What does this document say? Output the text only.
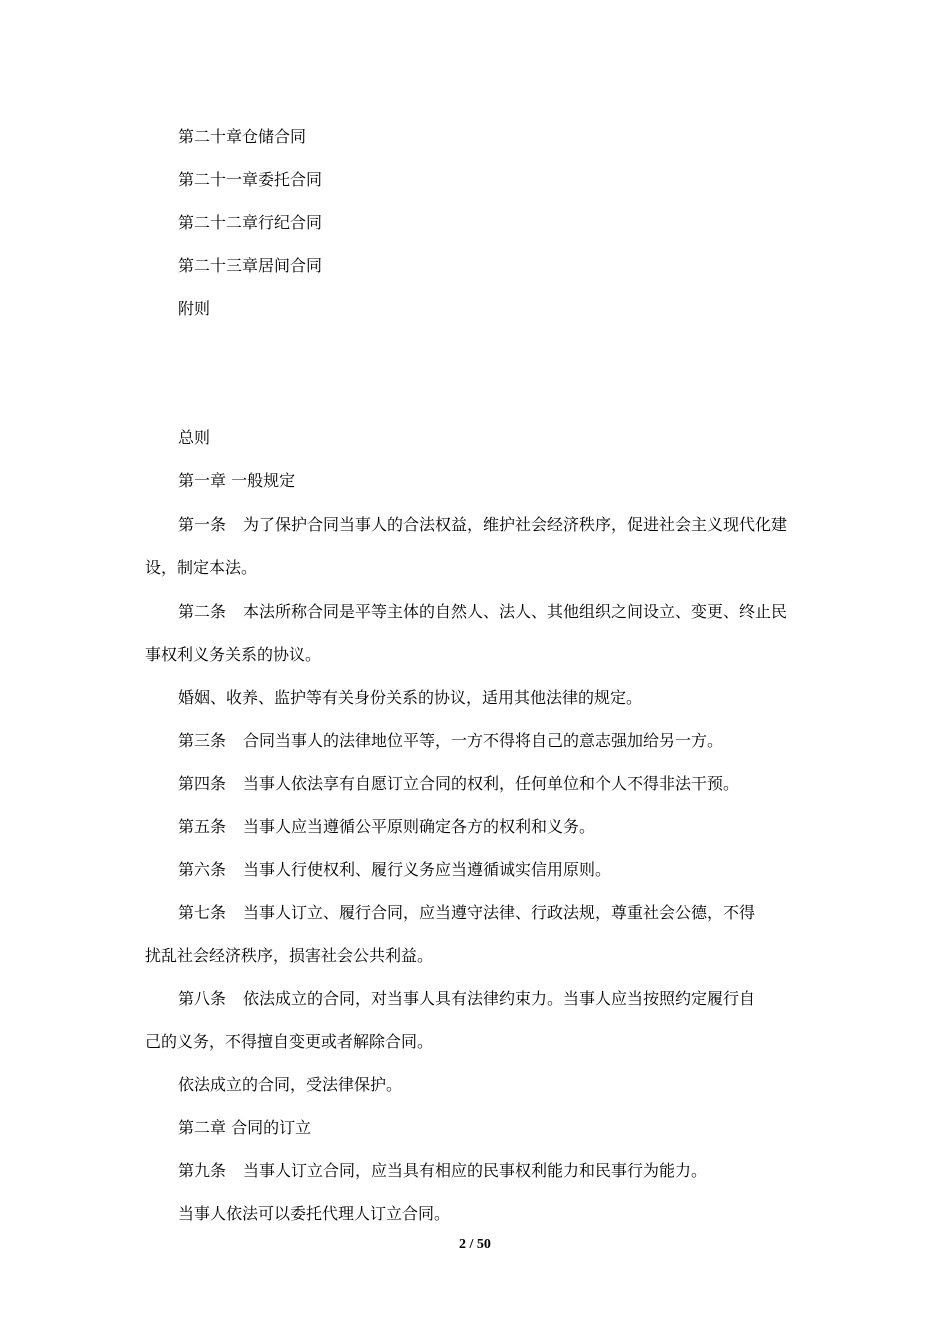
第二十章仓储合同
第二十一章委托合同
第二十二章行纪合同
第二十三章居间合同
附则
总则
第一章 一般规定
第一条 为了保护合同当事人的合法权益，维护社会经济秩序，促进社会主义现代化建
设，制定本法。
第二条 本法所称合同是平等主体的自然人、法人、其他组织之间设立、变更、终止民
事权利义务关系的协议。
婚姻、收养、监护等有关身份关系的协议，适用其他法律的规定。
第三条 合同当事人的法律地位平等，一方不得将自己的意志强加给另一方。
第四条 当事人依法享有自愿订立合同的权利，任何单位和个人不得非法干预。
第五条 当事人应当遵循公平原则确定各方的权利和义务。
第六条 当事人行使权利、履行义务应当遵循诚实信用原则。
第七条 当事人订立、履行合同，应当遵守法律、行政法规，尊重社会公德，不得
扰乱社会经济秩序，损害社会公共利益。
第八条 依法成立的合同，对当事人具有法律约束力。当事人应当按照约定履行自
己的义务，不得擅自变更或者解除合同。
依法成立的合同，受法律保护。
第二章 合同的订立
第九条 当事人订立合同，应当具有相应的民事权利能力和民事行为能力。
当事人依法可以委托代理人订立合同。
2 / 50
